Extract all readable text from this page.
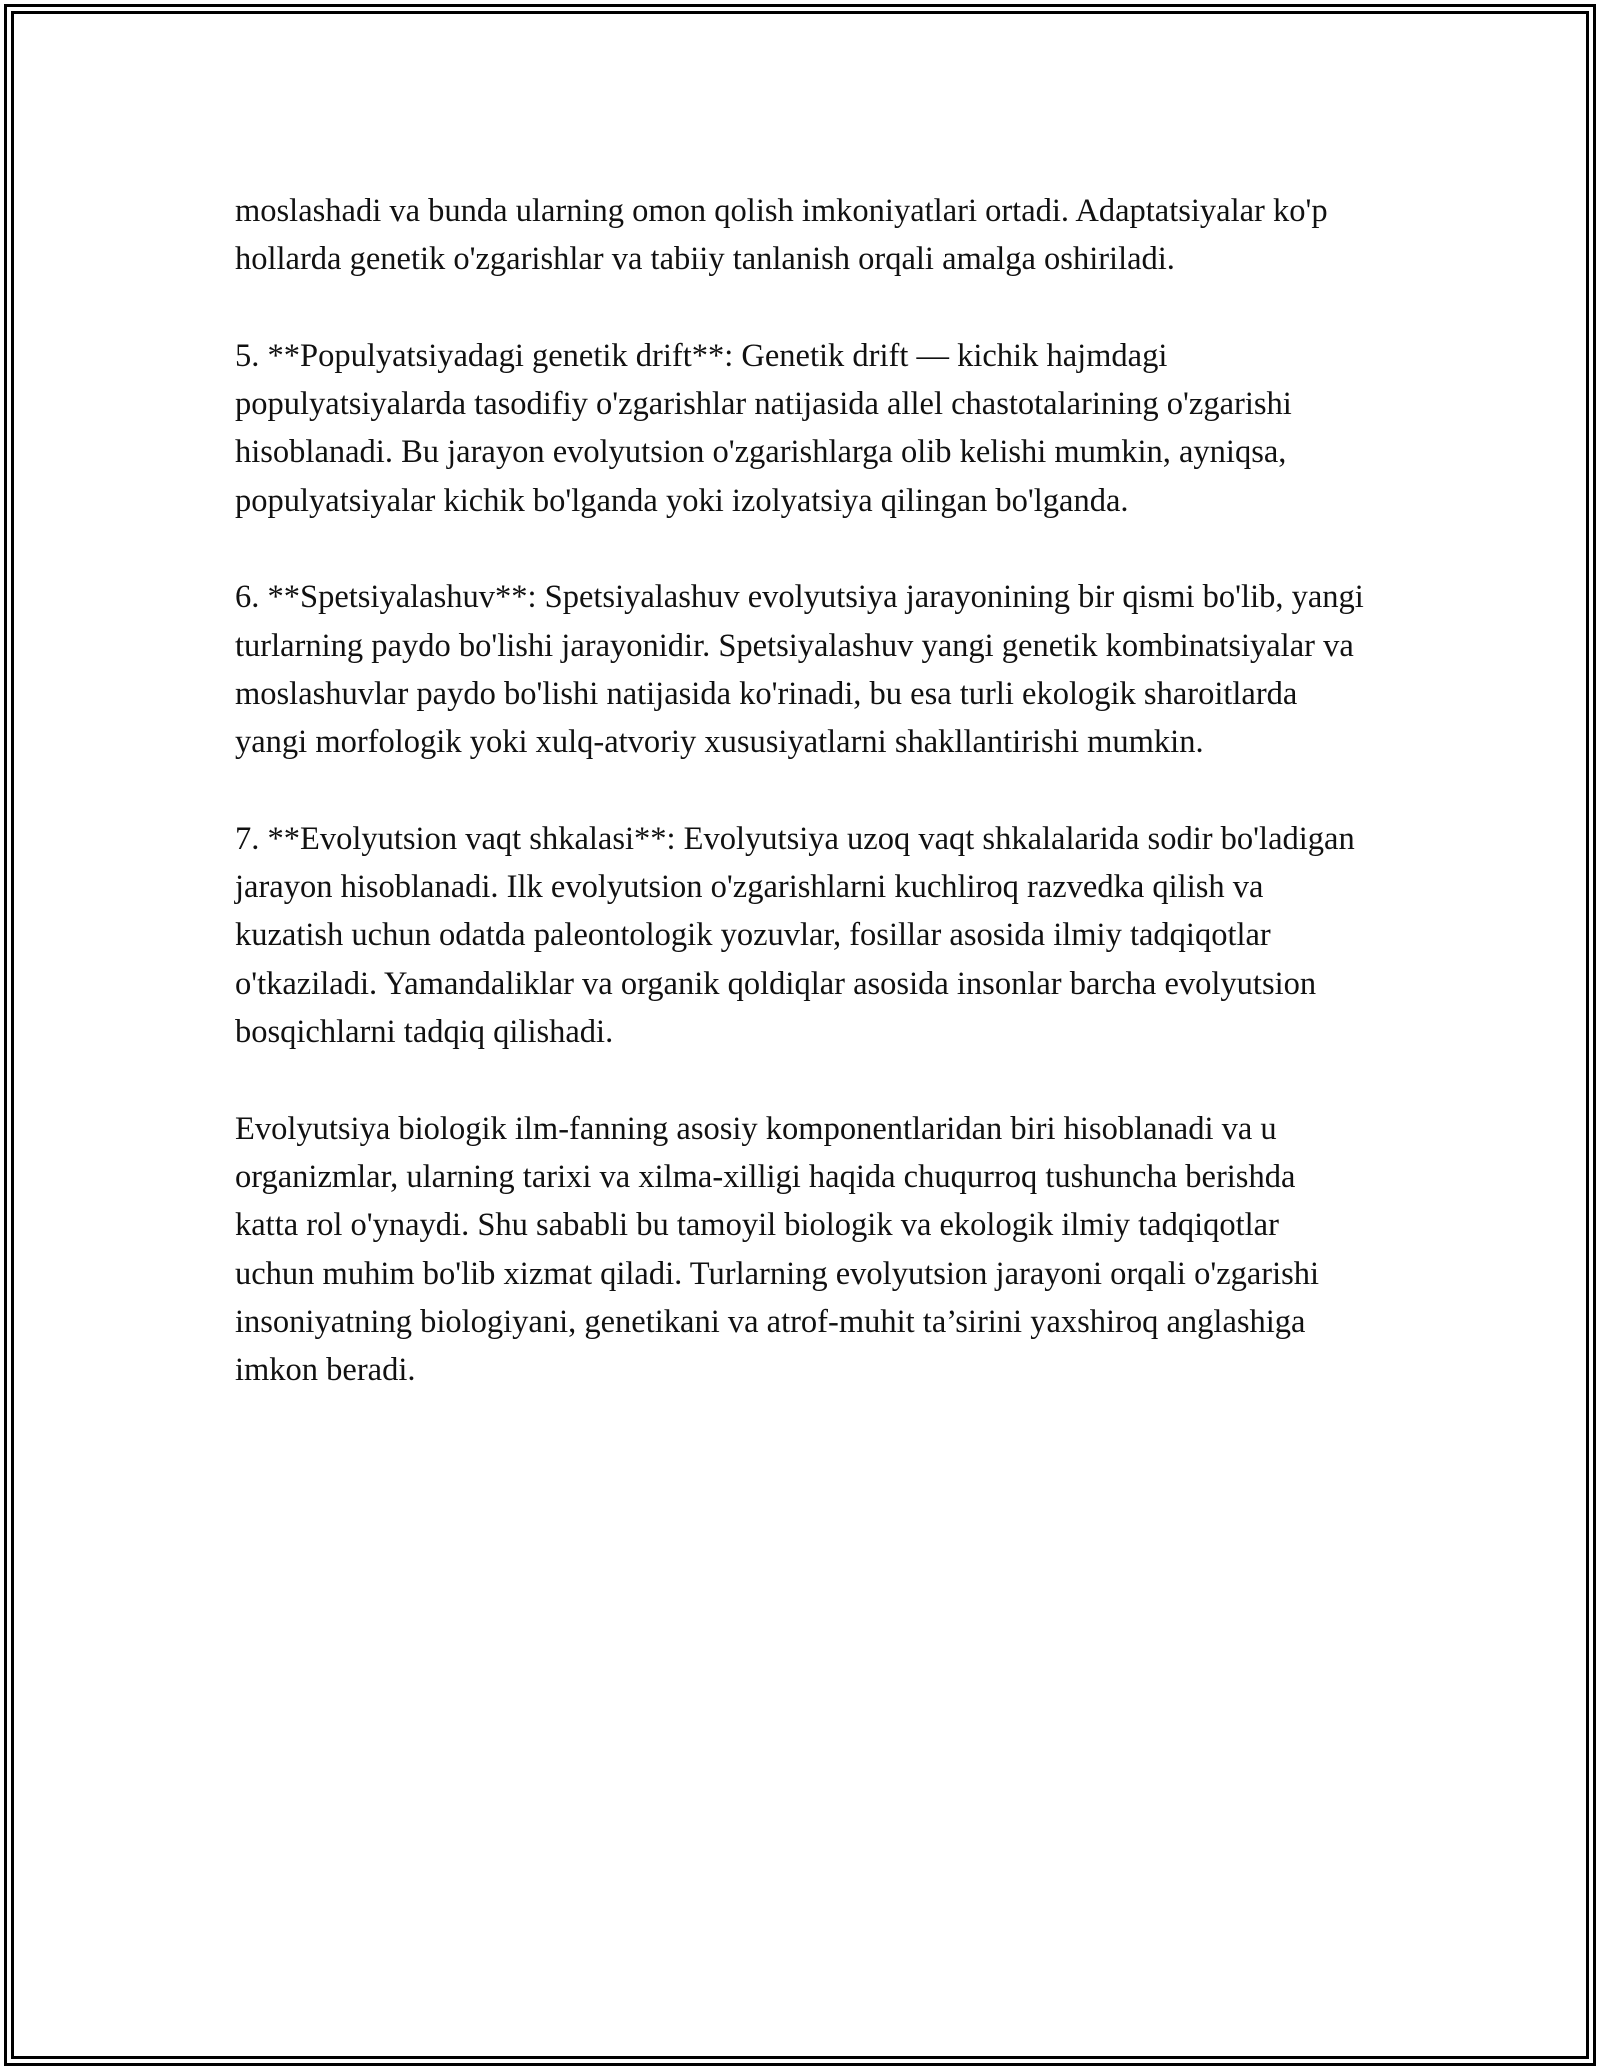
moslashadi va bunda ularning omon qolish imkoniyatlari ortadi. Adaptatsiyalar ko'p hollarda genetik o'zgarishlar va tabiiy tanlanish orqali amalga oshiriladi.

5. **Populyatsiyadagi genetik drift**: Genetik drift — kichik hajmdagi populyatsiyalarda tasodifiy o'zgarishlar natijasida allel chastotalarining o'zgarishi hisoblanadi. Bu jarayon evolyutsion o'zgarishlarga olib kelishi mumkin, ayniqsa, populyatsiyalar kichik bo'lganda yoki izolyatsiya qilingan bo'lganda.

6. **Spetsiyalashuv**: Spetsiyalashuv evolyutsiya jarayonining bir qismi bo'lib, yangi turlarning paydo bo'lishi jarayonidir. Spetsiyalashuv yangi genetik kombinatsiyalar va moslashuvlar paydo bo'lishi natijasida ko'rinadi, bu esa turli ekologik sharoitlarda yangi morfologik yoki xulq-atvoriy xususiyatlarni shakllantirishi mumkin.

7. **Evolyutsion vaqt shkalasi**: Evolyutsiya uzoq vaqt shkalalarida sodir bo'ladigan jarayon hisoblanadi. Ilk evolyutsion o'zgarishlarni kuchliroq razvedka qilish va kuzatish uchun odatda paleontologik yozuvlar, fosillar asosida ilmiy tadqiqotlar o'tkaziladi. Yamandaliklar va organik qoldiqlar asosida insonlar barcha evolyutsion bosqichlarni tadqiq qilishadi.

Evolyutsiya biologik ilm-fanning asosiy komponentlaridan biri hisoblanadi va u organizmlar, ularning tarixi va xilma-xilligi haqida chuqurroq tushuncha berishda katta rol o'ynaydi. Shu sababli bu tamoyil biologik va ekologik ilmiy tadqiqotlar uchun muhim bo'lib xizmat qiladi. Turlarning evolyutsion jarayoni orqali o'zgarishi insoniyatning biologiyani, genetikani va atrof-muhit ta’sirini yaxshiroq anglashiga imkon beradi.
